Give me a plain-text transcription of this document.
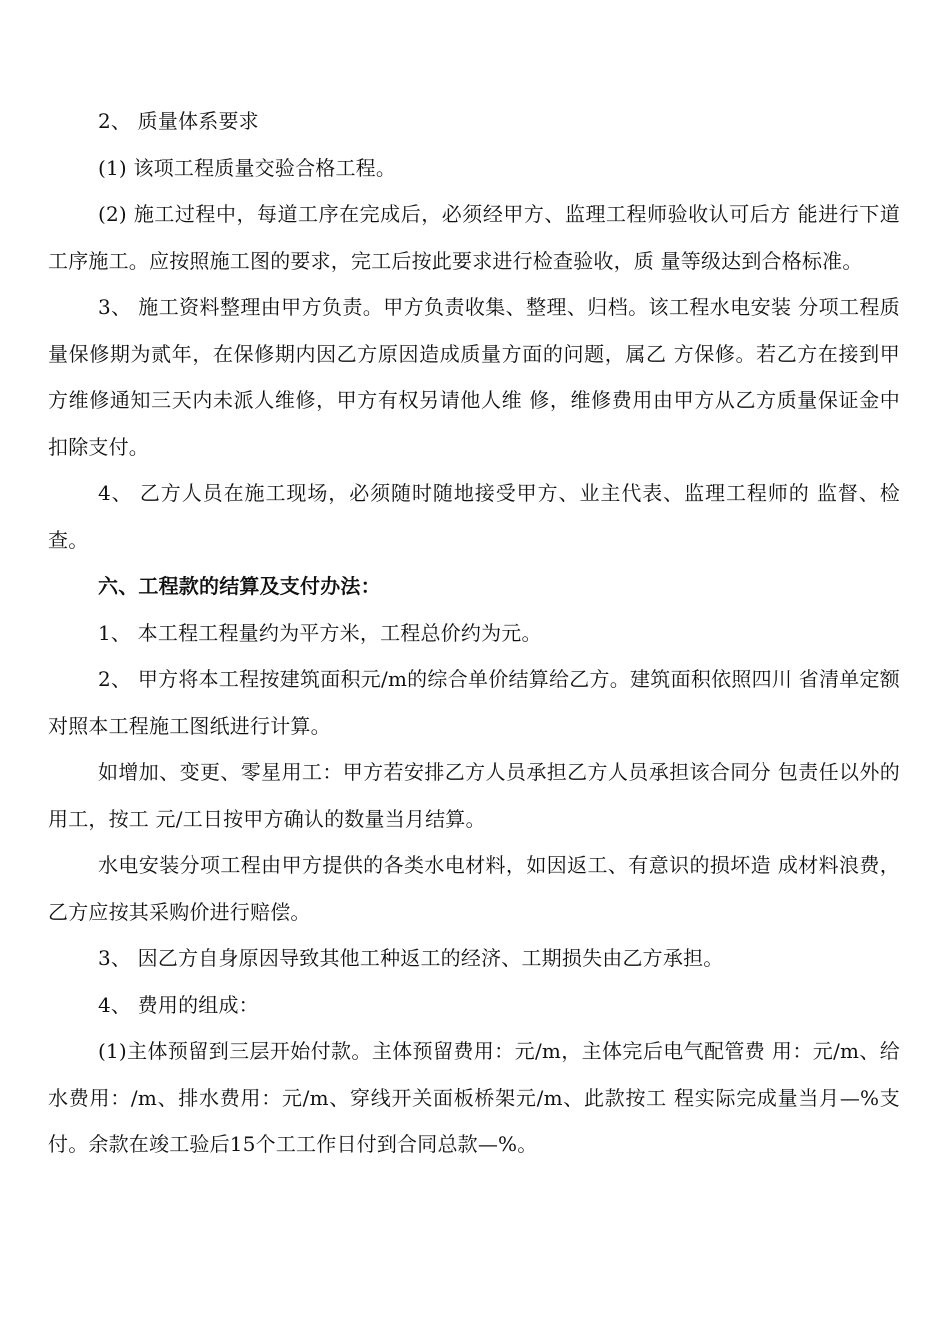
2、 质量体系要求

(1) 该项工程质量交验合格工程。

(2) 施工过程中，每道工序在完成后，必须经甲方、监理工程师验收认可后方 能进行下道工序施工。应按照施工图的要求，完工后按此要求进行检查验收，质 量等级达到合格标准。

3、 施工资料整理由甲方负责。甲方负责收集、整理、归档。该工程水电安装 分项工程质量保修期为贰年，在保修期内因乙方原因造成质量方面的问题，属乙 方保修。若乙方在接到甲方维修通知三天内未派人维修，甲方有权另请他人维 修，维修费用由甲方从乙方质量保证金中扣除支付。

4、 乙方人员在施工现场，必须随时随地接受甲方、业主代表、监理工程师的 监督、检查。

六、工程款的结算及支付办法：

1、 本工程工程量约为平方米，工程总价约为元。

2、 甲方将本工程按建筑面积元/m的综合单价结算给乙方。建筑面积依照四川 省清单定额对照本工程施工图纸进行计算。

如增加、变更、零星用工：甲方若安排乙方人员承担乙方人员承担该合同分 包责任以外的用工，按工 元/工日按甲方确认的数量当月结算。

水电安装分项工程由甲方提供的各类水电材料，如因返工、有意识的损坏造 成材料浪费，乙方应按其采购价进行赔偿。

3、 因乙方自身原因导致其他工种返工的经济、工期损失由乙方承担。

4、 费用的组成：

(1)主体预留到三层开始付款。主体预留费用：元/m，主体完后电气配管费 用：元/m、给水费用：/m、排水费用：元/m、穿线开关面板桥架元/m、此款按工 程实际完成量当月—%支付。余款在竣工验后15个工工作日付到合同总款—%。
